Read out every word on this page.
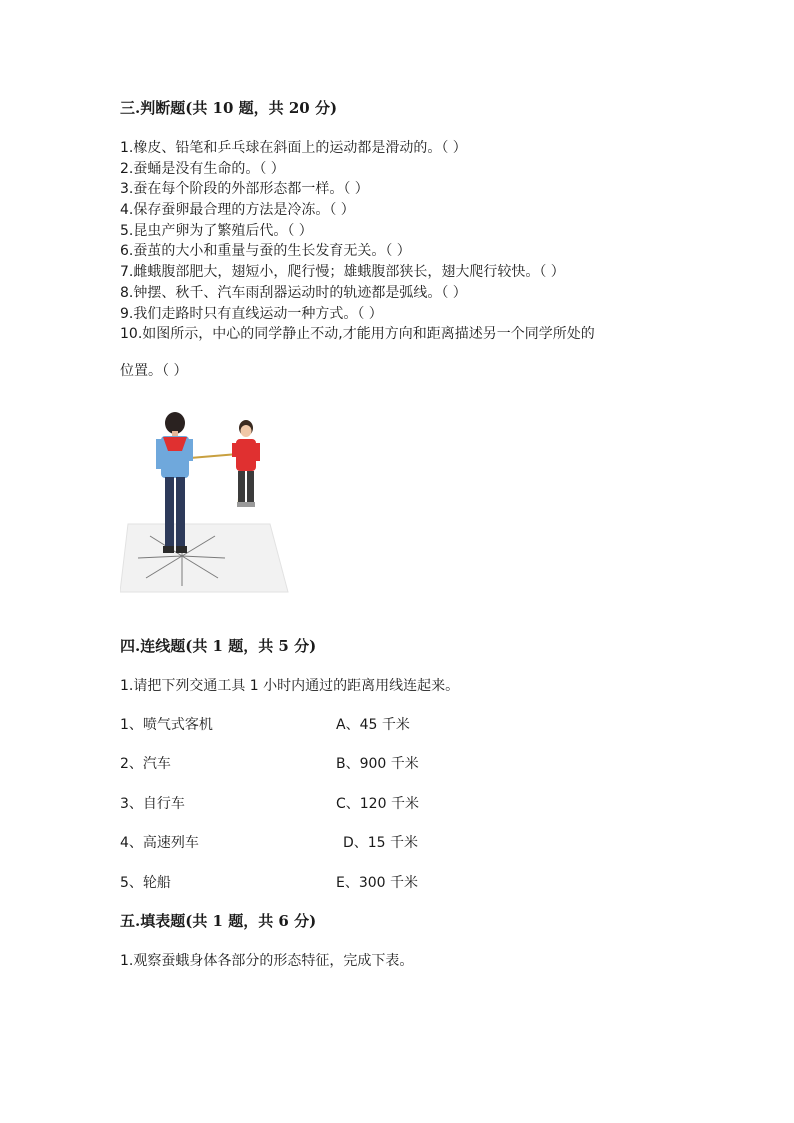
三.判断题(共 10 题，共 20 分)
1.橡皮、铅笔和乒乓球在斜面上的运动都是滑动的。（ ）
2.蚕蛹是没有生命的。（ ）
3.蚕在每个阶段的外部形态都一样。（ ）
4.保存蚕卵最合理的方法是冷冻。（ ）
5.昆虫产卵为了繁殖后代。（ ）
6.蚕茧的大小和重量与蚕的生长发育无关。（ ）
7.雌蛾腹部肥大，翅短小，爬行慢；雄蛾腹部狭长，翅大爬行较快。（ ）
8.钟摆、秋千、汽车雨刮器运动时的轨迹都是弧线。（ ）
9.我们走路时只有直线运动一种方式。（ ）
10.如图所示，中心的同学静止不动,才能用方向和距离描述另一个同学所处的
位置。（ ）
四.连线题(共 1 题，共 5 分)
1.请把下列交通工具 1 小时内通过的距离用线连起来。
1、喷气式客机	A、45 千米
2、汽车	B、900 千米
3、自行车	C、120 千米
4、高速列车	D、15 千米
5、轮船	E、300 千米
五.填表题(共 1 题，共 6 分)
1.观察蚕蛾身体各部分的形态特征，完成下表。
